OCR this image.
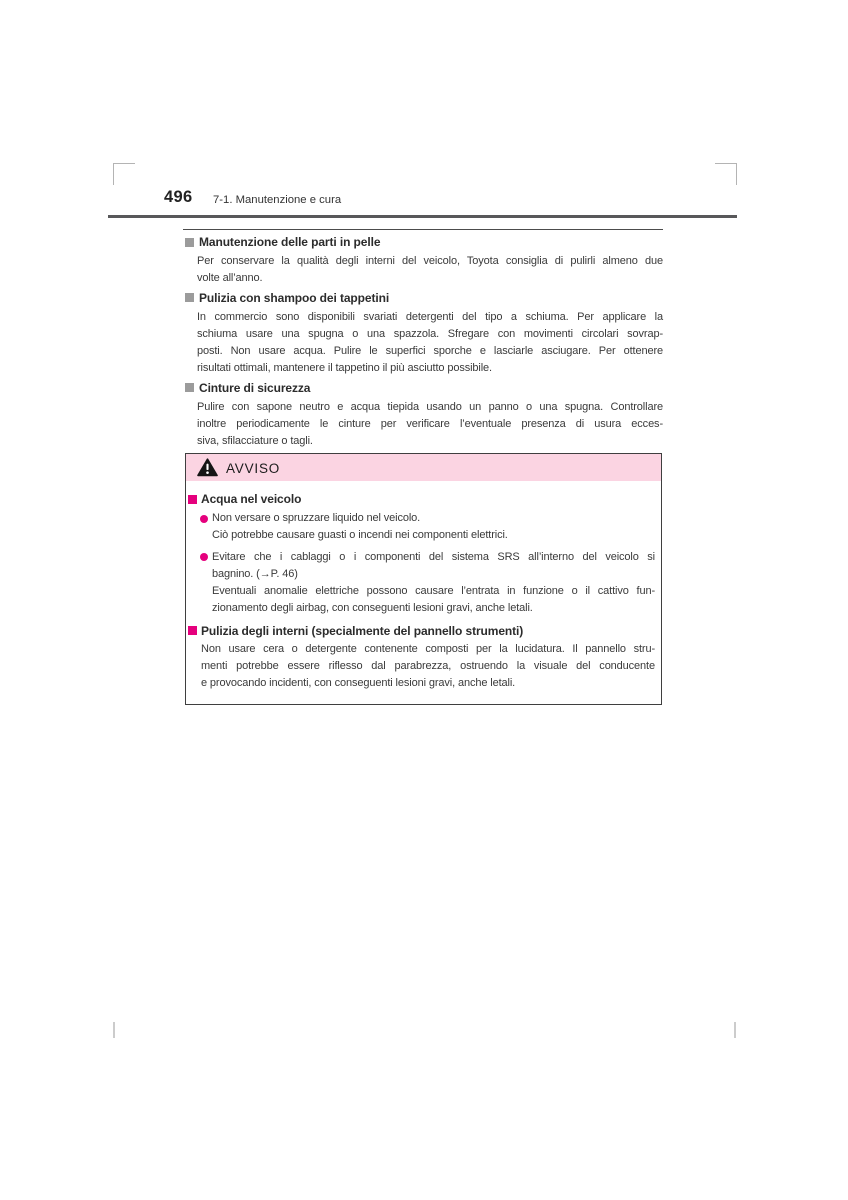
496 7-1. Manutenzione e cura
Manutenzione delle parti in pelle
Per conservare la qualità degli interni del veicolo, Toyota consiglia di pulirli almeno due
volte all’anno.
Pulizia con shampoo dei tappetini
In commercio sono disponibili svariati detergenti del tipo a schiuma. Per applicare la
schiuma usare una spugna o una spazzola. Sfregare con movimenti circolari sovrap-
posti. Non usare acqua. Pulire le superfici sporche e lasciarle asciugare. Per ottenere
risultati ottimali, mantenere il tappetino il più asciutto possibile.
Cinture di sicurezza
Pulire con sapone neutro e acqua tiepida usando un panno o una spugna. Controllare
inoltre periodicamente le cinture per verificare l’eventuale presenza di usura ecces-
siva, sfilacciature o tagli.
AVVISO
Acqua nel veicolo
Non versare o spruzzare liquido nel veicolo.
Ciò potrebbe causare guasti o incendi nei componenti elettrici.
Evitare che i cablaggi o i componenti del sistema SRS all’interno del veicolo si
bagnino. (→P. 46)
Eventuali anomalie elettriche possono causare l’entrata in funzione o il cattivo fun-
zionamento degli airbag, con conseguenti lesioni gravi, anche letali.
Pulizia degli interni (specialmente del pannello strumenti)
Non usare cera o detergente contenente composti per la lucidatura. Il pannello stru-
menti potrebbe essere riflesso dal parabrezza, ostruendo la visuale del conducente
e provocando incidenti, con conseguenti lesioni gravi, anche letali.
